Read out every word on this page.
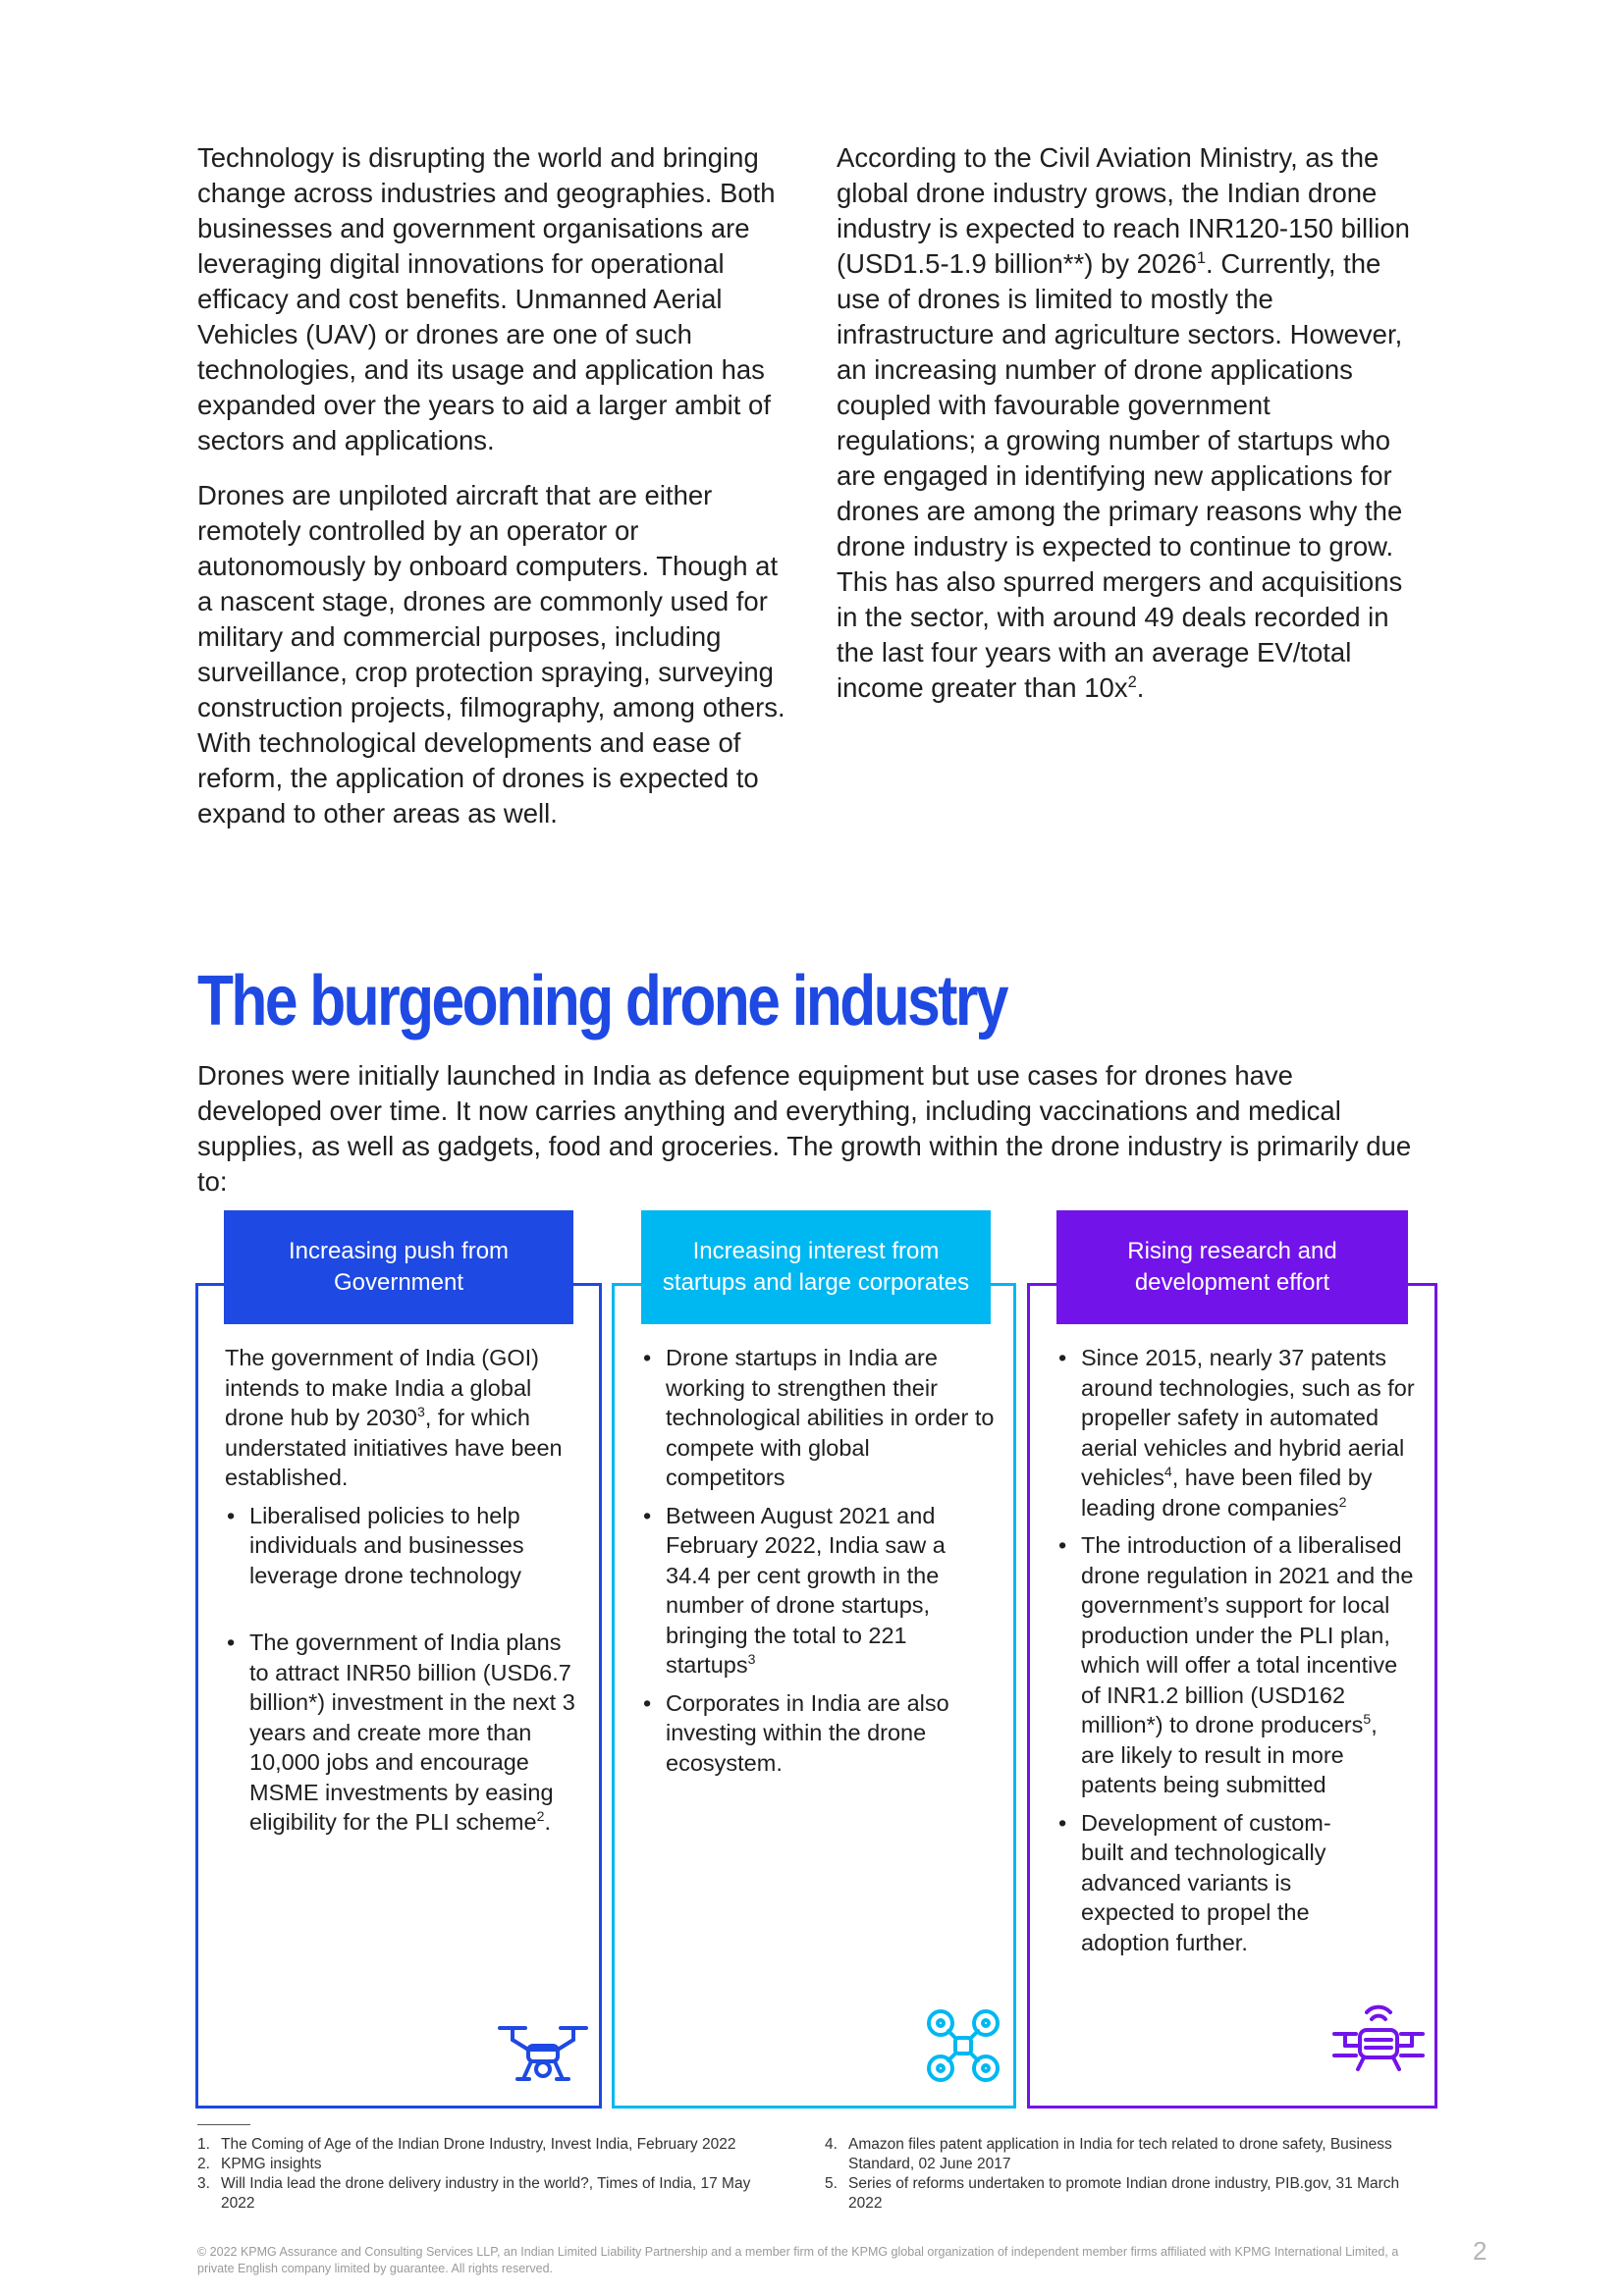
Technology is disrupting the world and bringing change across industries and geographies. Both businesses and government organisations are leveraging digital innovations for operational efficacy and cost benefits. Unmanned Aerial Vehicles (UAV) or drones are one of such technologies, and its usage and application has expanded over the years to aid a larger ambit of sectors and applications.

Drones are unpiloted aircraft that are either remotely controlled by an operator or autonomously by onboard computers. Though at a nascent stage, drones are commonly used for military and commercial purposes, including surveillance, crop protection spraying, surveying construction projects, filmography, among others. With technological developments and ease of reform, the application of drones is expected to expand to other areas as well.

According to the Civil Aviation Ministry, as the global drone industry grows, the Indian drone industry is expected to reach INR120-150 billion (USD1.5-1.9 billion**) by 2026$^1$. Currently, the use of drones is limited to mostly the infrastructure and agriculture sectors. However, an increasing number of drone applications coupled with favourable government regulations; a growing number of startups who are engaged in identifying new applications for drones are among the primary reasons why the drone industry is expected to continue to grow. This has also spurred mergers and acquisitions in the sector, with around 49 deals recorded in the last four years with an average EV/total income greater than $10x^2$.

The burgeoning drone industry

Drones were initially launched in India as defence equipment but use cases for drones have developed over time. It now carries anything and everything, including vaccinations and medical supplies, as well as gadgets, food and groceries. The growth within the drone industry is primarily due to:

Increasing push from Government

The government of India (GOI) intends to make India a global drone hub by 2030$^3$, for which understated initiatives have been established.

• Liberalised policies to help individuals and businesses leverage drone technology
• The government of India plans to attract INR50 billion (USD6.7 billion*) investment in the next 3 years and create more than 10,000 jobs and encourage MSME investments by easing eligibility for the PLI scheme$^2$.
Increasing interest from startups and large corporates
• Drone startups in India are working to strengthen their technological abilities in order to compete with global competitors
• Between August 2021 and February 2022, India saw a 34.4 per cent growth in the number of drone startups, bringing the total to 221 startups$^3$
• Corporates in India are also investing within the drone ecosystem.
Rising research and development effort
• Since 2015, nearly 37 patents around technologies, such as for propeller safety in automated aerial vehicles and hybrid aerial vehicles$^4$, have been filed by leading drone companies$^2$
• The introduction of a liberalised drone regulation in 2021 and the government’s support for local production under the PLI plan, which will offer a total incentive of INR1.2 billion (USD162 million*) to drone producers$^5$, are likely to result in more patents being submitted
• Development of custom-built and technologically advanced variants is expected to propel the adoption further.
1. The Coming of Age of the Indian Drone Industry, Invest India, February 2022
2. KPMG insights
3. Will India lead the drone delivery industry in the world?, Times of India, 17 May 2022
4. Amazon files patent application in India for tech related to drone safety, Business Standard, 02 June 2017
5. Series of reforms undertaken to promote Indian drone industry, PIB.gov, 31 March 2022
© 2022 KPMG Assurance and Consulting Services LLP, an Indian Limited Liability Partnership and a member firm of the KPMG global organization of independent member firms affiliated with KPMG International Limited, a private English company limited by guarantee. All rights reserved.
2
